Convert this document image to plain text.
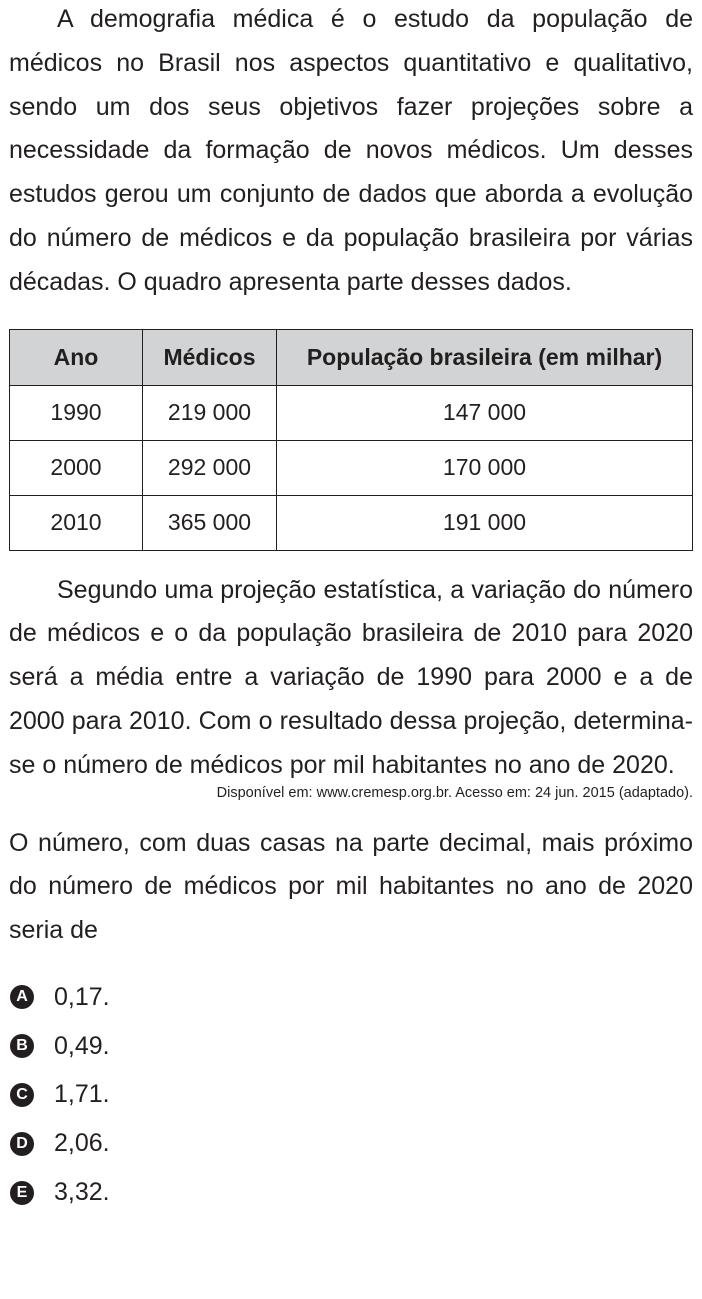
A demografia médica é o estudo da população de médicos no Brasil nos aspectos quantitativo e qualitativo, sendo um dos seus objetivos fazer projeções sobre a necessidade da formação de novos médicos. Um desses estudos gerou um conjunto de dados que aborda a evolução do número de médicos e da população brasileira por várias décadas. O quadro apresenta parte desses dados.

Ano	Médicos	População brasileira (em milhar)
1990	219 000	147 000
2000	292 000	170 000
2010	365 000	191 000

Segundo uma projeção estatística, a variação do número de médicos e o da população brasileira de 2010 para 2020 será a média entre a variação de 1990 para 2000 e a de 2000 para 2010. Com o resultado dessa projeção, determina-se o número de médicos por mil habitantes no ano de 2020.

Disponível em: www.cremesp.org.br. Acesso em: 24 jun. 2015 (adaptado).

O número, com duas casas na parte decimal, mais próximo do número de médicos por mil habitantes no ano de 2020 seria de

A 0,17.
B 0,49.
C 1,71.
D 2,06.
E 3,32.
